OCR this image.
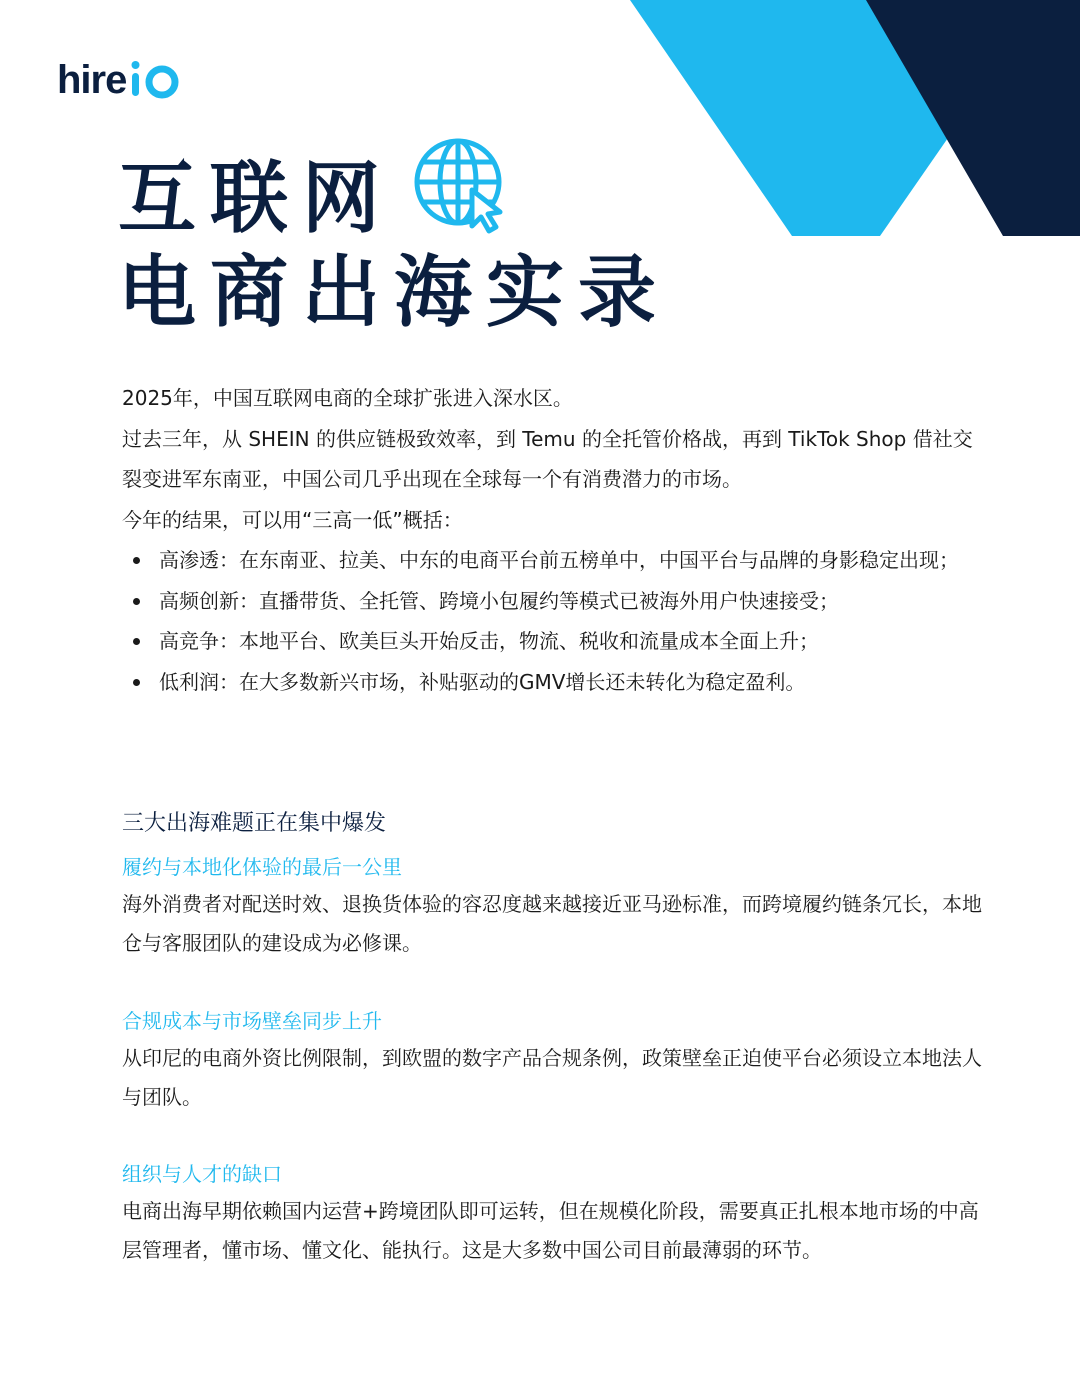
hire
互联网
电商出海实录

2025年，中国互联网电商的全球扩张进入深水区。

过去三年，从 SHEIN 的供应链极致效率，到 Temu 的全托管价格战，再到 TikTok Shop 借社交裂变进军东南亚，中国公司几乎出现在全球每一个有消费潜力的市场。

今年的结果，可以用“三高一低”概括：

高渗透：在东南亚、拉美、中东的电商平台前五榜单中，中国平台与品牌的身影稳定出现；
高频创新：直播带货、全托管、跨境小包履约等模式已被海外用户快速接受；
高竞争：本地平台、欧美巨头开始反击，物流、税收和流量成本全面上升；
低利润：在大多数新兴市场，补贴驱动的GMV增长还未转化为稳定盈利。
三大出海难题正在集中爆发
履约与本地化体验的最后一公里
海外消费者对配送时效、退换货体验的容忍度越来越接近亚马逊标准，而跨境履约链条冗长，本地仓与客服团队的建设成为必修课。
合规成本与市场壁垒同步上升
从印尼的电商外资比例限制，到欧盟的数字产品合规条例，政策壁垒正迫使平台必须设立本地法人与团队。
组织与人才的缺口
电商出海早期依赖国内运营+跨境团队即可运转，但在规模化阶段，需要真正扎根本地市场的中高层管理者，懂市场、懂文化、能执行。这是大多数中国公司目前最薄弱的环节。
